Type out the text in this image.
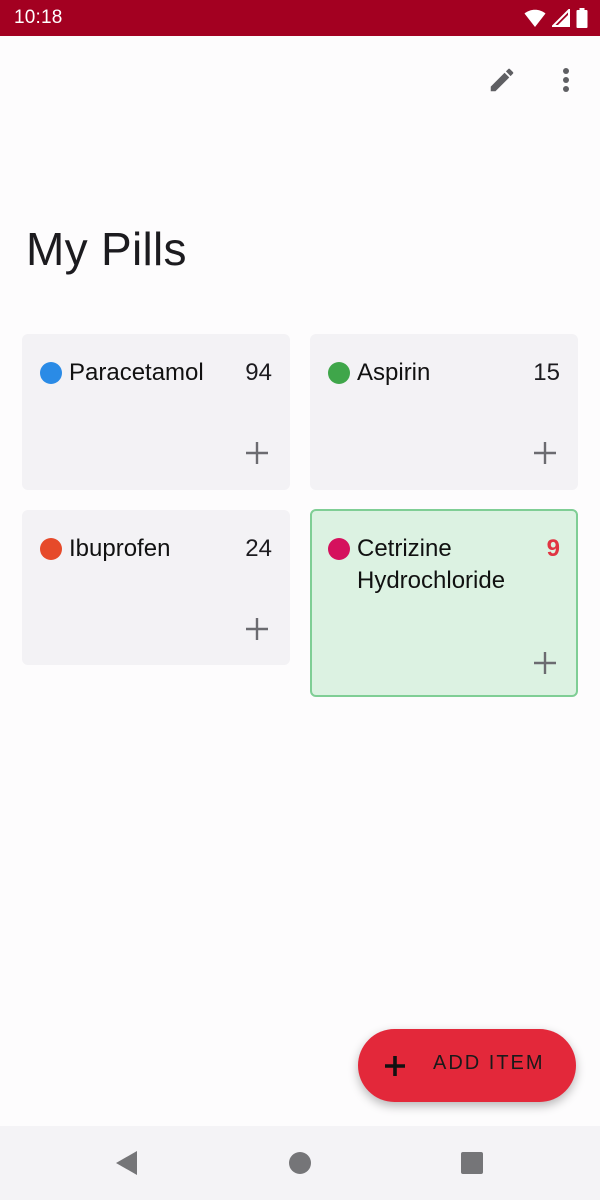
10:18
My Pills
Paracetamol	94	Aspirin	15
Ibuprofen	24	Cetrizine Hydrochloride
9
ADD ITEM
